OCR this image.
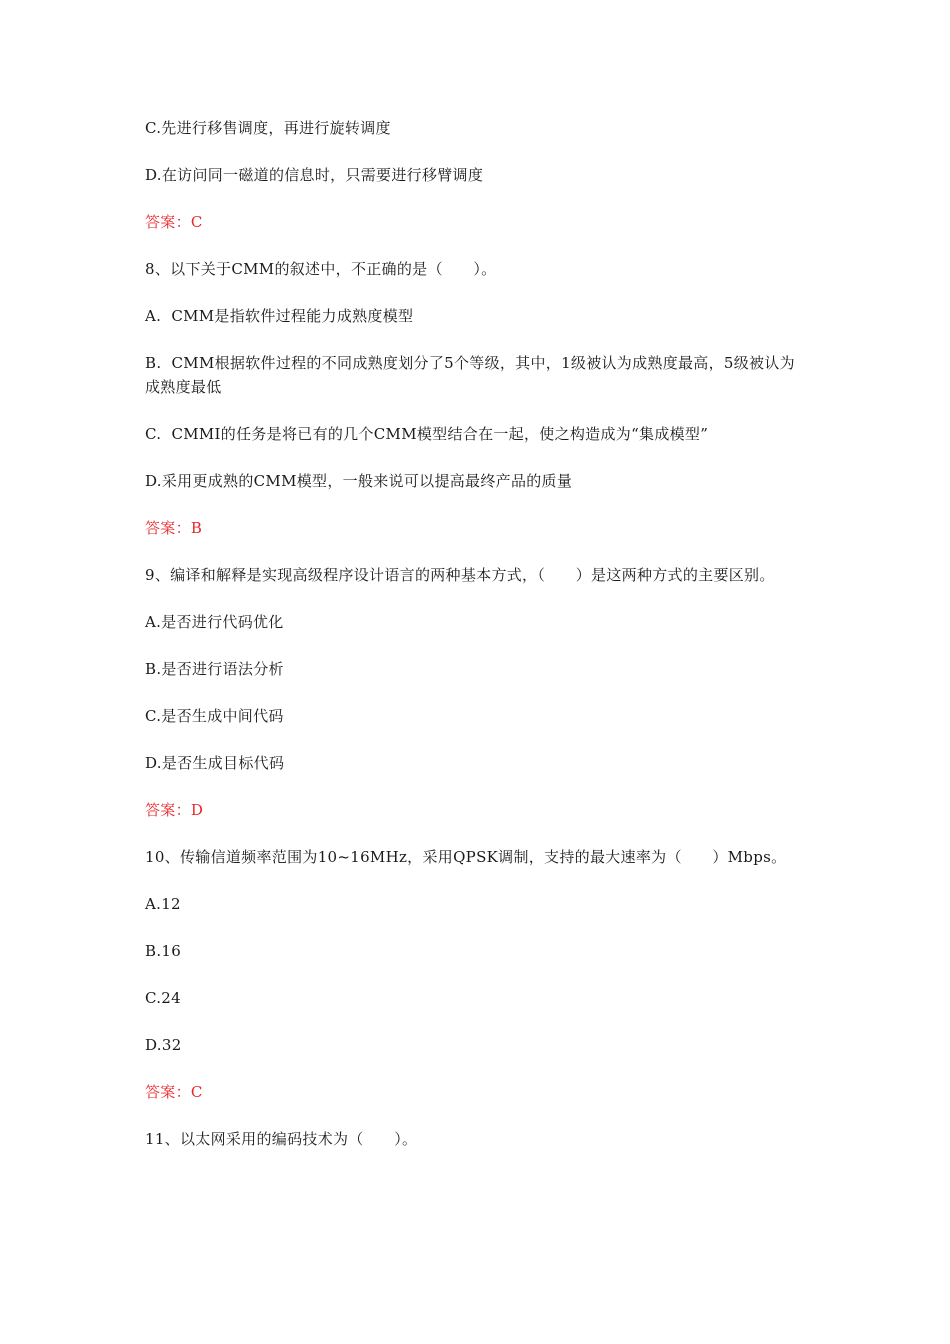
C.先进行移售调度，再进行旋转调度

D.在访问同一磁道的信息时，只需要进行移臂调度

答案：C

8、以下关于CMM的叙述中，不正确的是（　　）。

A.  CMM是指软件过程能力成熟度模型

B.  CMM根据软件过程的不同成熟度划分了5个等级，其中，1级被认为成熟度最高，5级被认为成熟度最低

C.  CMMI的任务是将已有的几个CMM模型结合在一起，使之构造成为“集成模型”

D.采用更成熟的CMM模型，一般来说可以提高最终产品的质量

答案：B

9、编译和解释是实现高级程序设计语言的两种基本方式，（　　）是这两种方式的主要区别。

A.是否进行代码优化

B.是否进行语法分析

C.是否生成中间代码

D.是否生成目标代码

答案：D

10、传输信道频率范围为10~16MHz，采用QPSK调制，支持的最大速率为（　　）Mbps。

A.12

B.16

C.24

D.32

答案：C

11、以太网采用的编码技术为（　　）。
